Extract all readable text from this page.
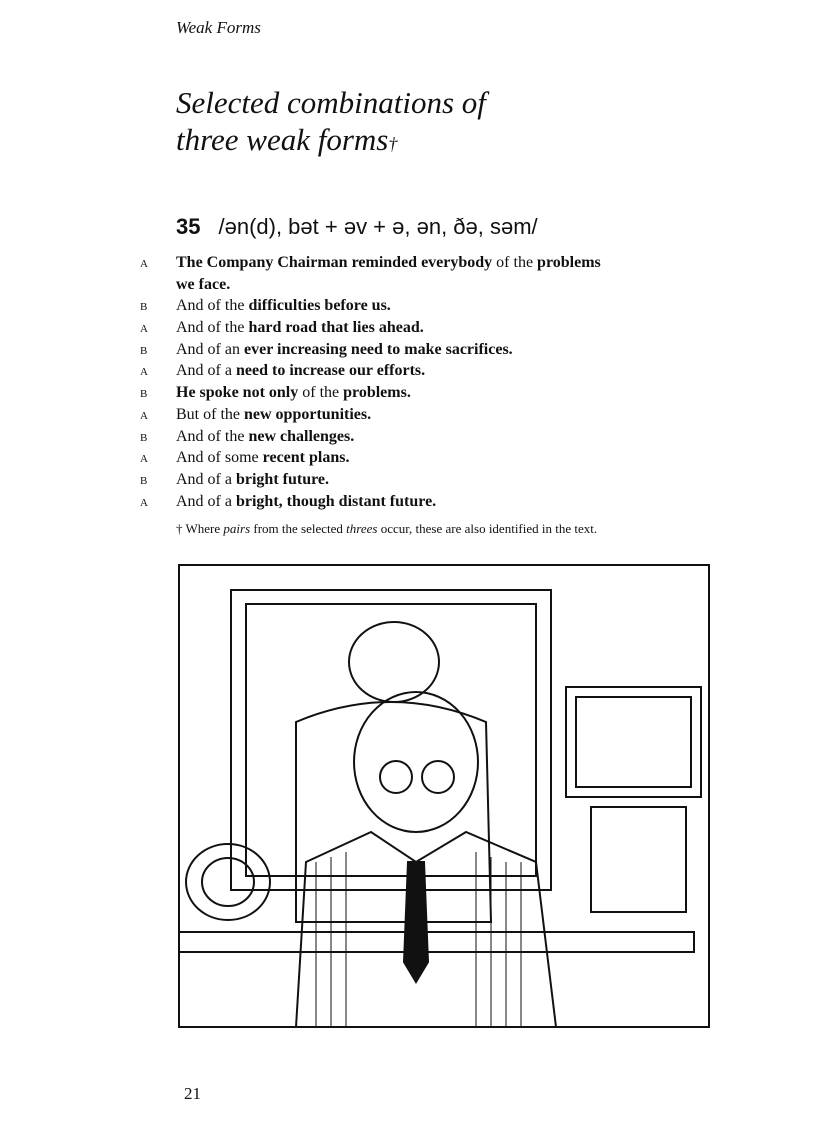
Weak Forms
Selected combinations of
three weak forms†
35 /ən(d), bət + əv + ə, ən, ðə, səm/
A The Company Chairman reminded everybody of the problems
we face.
B And of the difficulties before us.
A And of the hard road that lies ahead.
B And of an ever increasing need to make sacrifices.
A And of a need to increase our efforts.
B He spoke not only of the problems.
A But of the new opportunities.
B And of the new challenges.
A And of some recent plans.
B And of a bright future.
A And of a bright, though distant future.
† Where pairs from the selected threes occur, these are also identified in the text.
21
